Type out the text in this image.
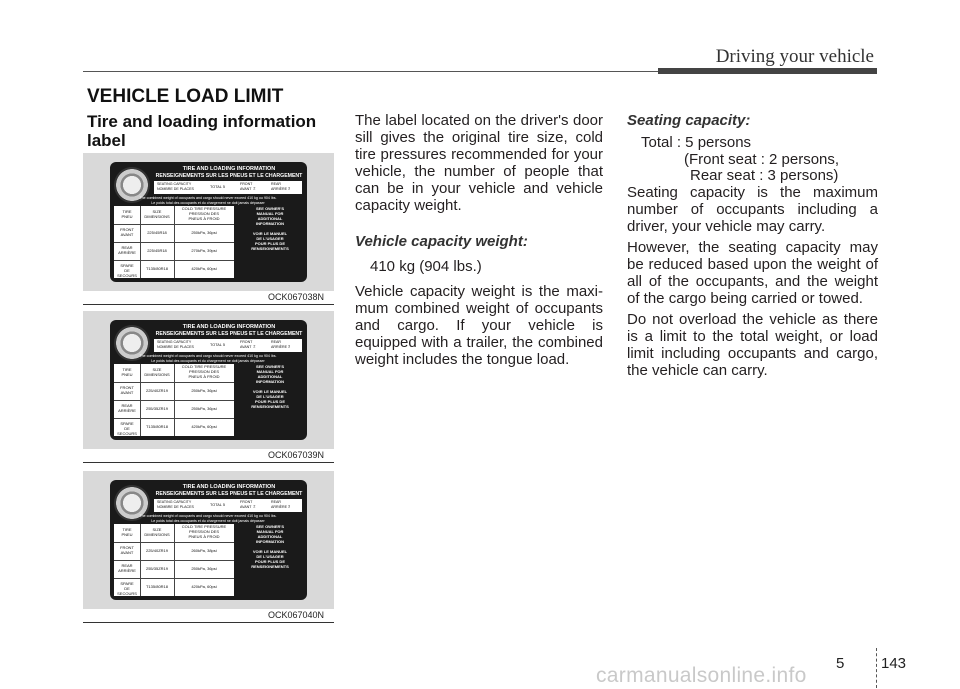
Driving your vehicle
VEHICLE LOAD LIMIT
Tire and loading information label
TIRE AND LOADING INFORMATION
RENSEIGNEMENTS SUR LES PNEUS ET LE CHARGEMENT
SEATING CAPACITY
NOMBRE DE PLACES	TOTAL 5
FRONT
AVANT 2
REAR
ARRIÈRE 3
The combined weight of occupants and cargo should never exceed 410 kg ou 904 lbs.
Le poids total des occupants et du chargement ne doit jamais dépasser
TIRE
PNEU
SIZE
DIMENSIONS
COLD TIRE PRESSURE
PRESSION DES
PNEUS À FROID
FRONT
AVANT	225/45R18	250kPa, 36psi
REAR
ARRIÈRE	225/45R18	270kPa, 39psi
SPARE
DE SECOURS
T135/80R18	420kPa, 60psi
SEE OWNER'S
MANUAL FOR
ADDITIONAL
INFORMATION

VOIR LE MANUEL
DE L'USAGER
POUR PLUS DE
RENSEIGNEMENTS
OCK067038N
TIRE AND LOADING INFORMATION
RENSEIGNEMENTS SUR LES PNEUS ET LE CHARGEMENT
SEATING CAPACITY
NOMBRE DE PLACES	TOTAL 5
FRONT
AVANT 2
REAR
ARRIÈRE 3
The combined weight of occupants and cargo should never exceed 410 kg ou 904 lbs.
Le poids total des occupants et du chargement ne doit jamais dépasser
TIRE
PNEU
SIZE
DIMENSIONS
COLD TIRE PRESSURE
PRESSION DES
PNEUS À FROID
FRONT
AVANT	225/40ZR19	250kPa, 36psi
REAR
ARRIÈRE	255/35ZR19	250kPa, 36psi
SPARE
DE SECOURS
T135/80R18	420kPa, 60psi
SEE OWNER'S
MANUAL FOR
ADDITIONAL
INFORMATION

VOIR LE MANUEL
DE L'USAGER
POUR PLUS DE
RENSEIGNEMENTS
OCK067039N
TIRE AND LOADING INFORMATION
RENSEIGNEMENTS SUR LES PNEUS ET LE CHARGEMENT
SEATING CAPACITY
NOMBRE DE PLACES	TOTAL 5
FRONT
AVANT 2
REAR
ARRIÈRE 3
The combined weight of occupants and cargo should never exceed 410 kg ou 904 lbs.
Le poids total des occupants et du chargement ne doit jamais dépasser
TIRE
PNEU
SIZE
DIMENSIONS
COLD TIRE PRESSURE
PRESSION DES
PNEUS À FROID
FRONT
AVANT	225/40ZR19	260kPa, 38psi
REAR
ARRIÈRE	255/35ZR19	250kPa, 36psi
SPARE
DE SECOURS
T135/80R18	420kPa, 60psi
SEE OWNER'S
MANUAL FOR
ADDITIONAL
INFORMATION

VOIR LE MANUEL
DE L'USAGER
POUR PLUS DE
RENSEIGNEMENTS
OCK067040N

The label located on the driver's door sill gives the original tire size, cold tire pressures recommended for your vehicle, the number of people that can be in your vehicle and vehicle capacity weight.

Vehicle capacity weight:
410 kg (904 lbs.)

Vehicle capacity weight is the maxi-mum combined weight of occupants and cargo. If your vehicle is equipped with a trailer, the combined weight includes the tongue load.

Seating capacity:
Total : 5 persons
(Front seat : 2 persons,
Rear seat : 3 persons)

Seating capacity is the maximum number of occupants including a driver, your vehicle may carry.

However, the seating capacity may be reduced based upon the weight of all of the occupants, and the weight of the cargo being carried or towed.

Do not overload the vehicle as there is a limit to the total weight, or load limit including occupants and cargo, the vehicle can carry.

5 143
carmanualsonline.info
